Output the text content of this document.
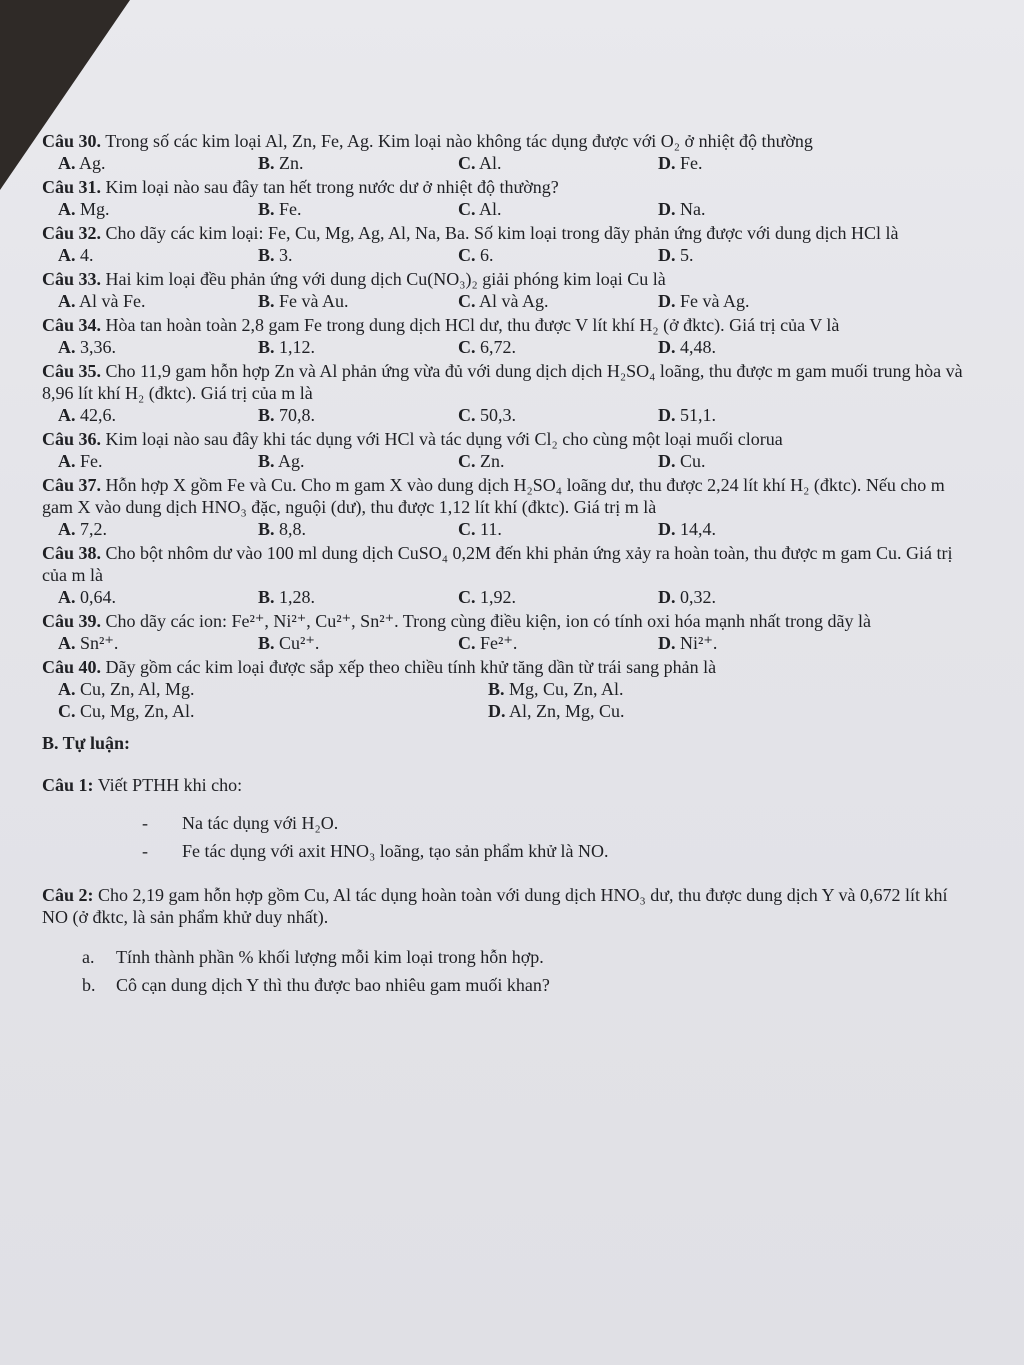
Câu 30. Trong số các kim loại Al, Zn, Fe, Ag. Kim loại nào không tác dụng được với O₂ ở nhiệt độ thường
A. Ag.	B. Zn.	C. Al.	D. Fe.
Câu 31. Kim loại nào sau đây tan hết trong nước dư ở nhiệt độ thường?
A. Mg.	B. Fe.	C. Al.	D. Na.
Câu 32. Cho dãy các kim loại: Fe, Cu, Mg, Ag, Al, Na, Ba. Số kim loại trong dãy phản ứng được với dung dịch HCl là
A. 4.	B. 3.	C. 6.	D. 5.
Câu 33. Hai kim loại đều phản ứng với dung dịch Cu(NO₃)₂ giải phóng kim loại Cu là
A. Al và Fe.	B. Fe và Au.	C. Al và Ag.	D. Fe và Ag.
Câu 34. Hòa tan hoàn toàn 2,8 gam Fe trong dung dịch HCl dư, thu được V lít khí H₂ (ở đktc). Giá trị của V là
A. 3,36.	B. 1,12.	C. 6,72.	D. 4,48.
Câu 35. Cho 11,9 gam hỗn hợp Zn và Al phản ứng vừa đủ với dung dịch dịch H₂SO₄ loãng, thu được m gam muối trung hòa và 8,96 lít khí H₂ (đktc). Giá trị của m là
A. 42,6.	B. 70,8.	C. 50,3.	D. 51,1.
Câu 36. Kim loại nào sau đây khi tác dụng với HCl và tác dụng với Cl₂ cho cùng một loại muối clorua
A. Fe.	B. Ag.	C. Zn.	D. Cu.
Câu 37. Hỗn hợp X gồm Fe và Cu. Cho m gam X vào dung dịch H₂SO₄ loãng dư, thu được 2,24 lít khí H₂ (đktc). Nếu cho m gam X vào dung dịch HNO₃ đặc, nguội (dư), thu được 1,12 lít khí (đktc). Giá trị m là
A. 7,2.	B. 8,8.	C. 11.	D. 14,4.
Câu 38. Cho bột nhôm dư vào 100 ml dung dịch CuSO₄ 0,2M đến khi phản ứng xảy ra hoàn toàn, thu được m gam Cu. Giá trị của m là
A. 0,64.	B. 1,28.	C. 1,92.	D. 0,32.
Câu 39. Cho dãy các ion: Fe²⁺, Ni²⁺, Cu²⁺, Sn²⁺. Trong cùng điều kiện, ion có tính oxi hóa mạnh nhất trong dãy là
A. Sn²⁺.	B. Cu²⁺.	C. Fe²⁺.	D. Ni²⁺.
Câu 40. Dãy gồm các kim loại được sắp xếp theo chiều tính khử tăng dần từ trái sang phản là
A. Cu, Zn, Al, Mg.	B. Mg, Cu, Zn, Al.
C. Cu, Mg, Zn, Al.	D. Al, Zn, Mg, Cu.
B. Tự luận:
Câu 1: Viết PTHH khi cho:
- Na tác dụng với H₂O.
- Fe tác dụng với axit HNO₃ loãng, tạo sản phẩm khử là NO.
Câu 2: Cho 2,19 gam hỗn hợp gồm Cu, Al tác dụng hoàn toàn với dung dịch HNO₃ dư, thu được dung dịch Y và 0,672 lít khí NO (ở đktc, là sản phẩm khử duy nhất).
a. Tính thành phần % khối lượng mỗi kim loại trong hỗn hợp.
b. Cô cạn dung dịch Y thì thu được bao nhiêu gam muối khan?
